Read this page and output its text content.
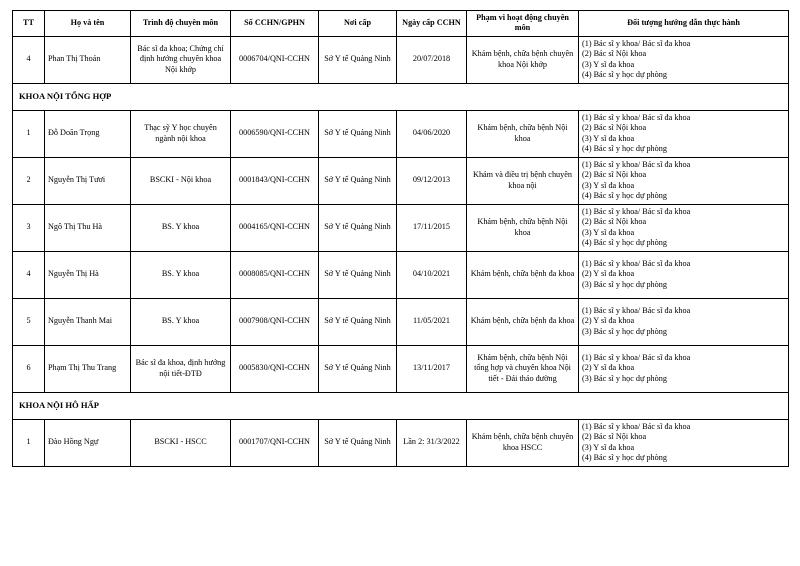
TT	Họ và tên	Trình độ chuyên môn	Số CCHN/GPHN	Nơi cấp	Ngày cấp CCHN	Phạm vi hoạt động chuyên môn	Đối tượng hướng dẫn thực hành
4	Phan Thị Thoản	Bác sĩ đa khoa; Chứng chỉ định hướng chuyên khoa Nội khớp	0006704/QNI-CCHN	Sở Y tế Quảng Ninh	20/07/2018	Khám bệnh, chữa bệnh chuyên khoa Nội khớp	(1) Bác sĩ y khoa/ Bác sĩ đa khoa
(2) Bác sĩ Nội khoa
(3) Y sĩ đa khoa
(4) Bác sĩ y học dự phòng

KHOA NỘI TỔNG HỢP							
1	Đỗ Doãn Trọng	Thạc sỹ Y học chuyên ngành nội khoa	0006590/QNI-CCHN	Sở Y tế Quảng Ninh	04/06/2020	Khám bệnh, chữa bệnh Nội khoa	(1) Bác sĩ y khoa/ Bác sĩ đa khoa
(2) Bác sĩ Nội khoa
(3) Y sĩ đa khoa
(4) Bác sĩ y học dự phòng

2	Nguyễn Thị Tươi	BSCKI - Nội khoa	0001843/QNI-CCHN	Sở Y tế Quảng Ninh	09/12/2013	Khám và điều trị bệnh chuyên khoa nội	(1) Bác sĩ y khoa/ Bác sĩ đa khoa
(2) Bác sĩ Nội khoa
(3) Y sĩ đa khoa
(4) Bác sĩ y học dự phòng

3	Ngô Thị Thu Hà	BS. Y khoa	0004165/QNI-CCHN	Sở Y tế Quảng Ninh	17/11/2015	Khám bệnh, chữa bệnh Nội khoa	(1) Bác sĩ y khoa/ Bác sĩ đa khoa
(2) Bác sĩ Nội khoa
(3) Y sĩ đa khoa
(4) Bác sĩ y học dự phòng

4	Nguyễn Thị Hà	BS. Y khoa	0008085/QNI-CCHN	Sở Y tế Quảng Ninh	04/10/2021	Khám bệnh, chữa bệnh đa khoa	(1) Bác sĩ y khoa/ Bác sĩ đa khoa
(2) Y sĩ đa khoa
(3) Bác sĩ y học dự phòng

5	Nguyễn Thanh Mai	BS. Y khoa	0007908/QNI-CCHN	Sở Y tế Quảng Ninh	11/05/2021	Khám bệnh, chữa bệnh đa khoa	(1) Bác sĩ y khoa/ Bác sĩ đa khoa
(2) Y sĩ đa khoa
(3) Bác sĩ y học dự phòng

6	Phạm Thị Thu Trang	Bác sĩ đa khoa, định hướng nội tiết-ĐTĐ	0005830/QNI-CCHN	Sở Y tế Quảng Ninh	13/11/2017	Khám bệnh, chữa bệnh Nội tổng hợp và chuyên khoa Nội tiết - Đái tháo đường	(1) Bác sĩ y khoa/ Bác sĩ đa khoa
(2) Y sĩ đa khoa
(3) Bác sĩ y học dự phòng

KHOA NỘI HÔ HẤP							
1	Đào Hồng Ngự	BSCKI - HSCC	0001707/QNI-CCHN	Sở Y tế Quảng Ninh	Lần 2: 31/3/2022	Khám bệnh, chữa bệnh chuyên khoa HSCC	(1) Bác sĩ y khoa/ Bác sĩ đa khoa
(2) Bác sĩ Nội khoa
(3) Y sĩ đa khoa
(4) Bác sĩ y học dự phòng
